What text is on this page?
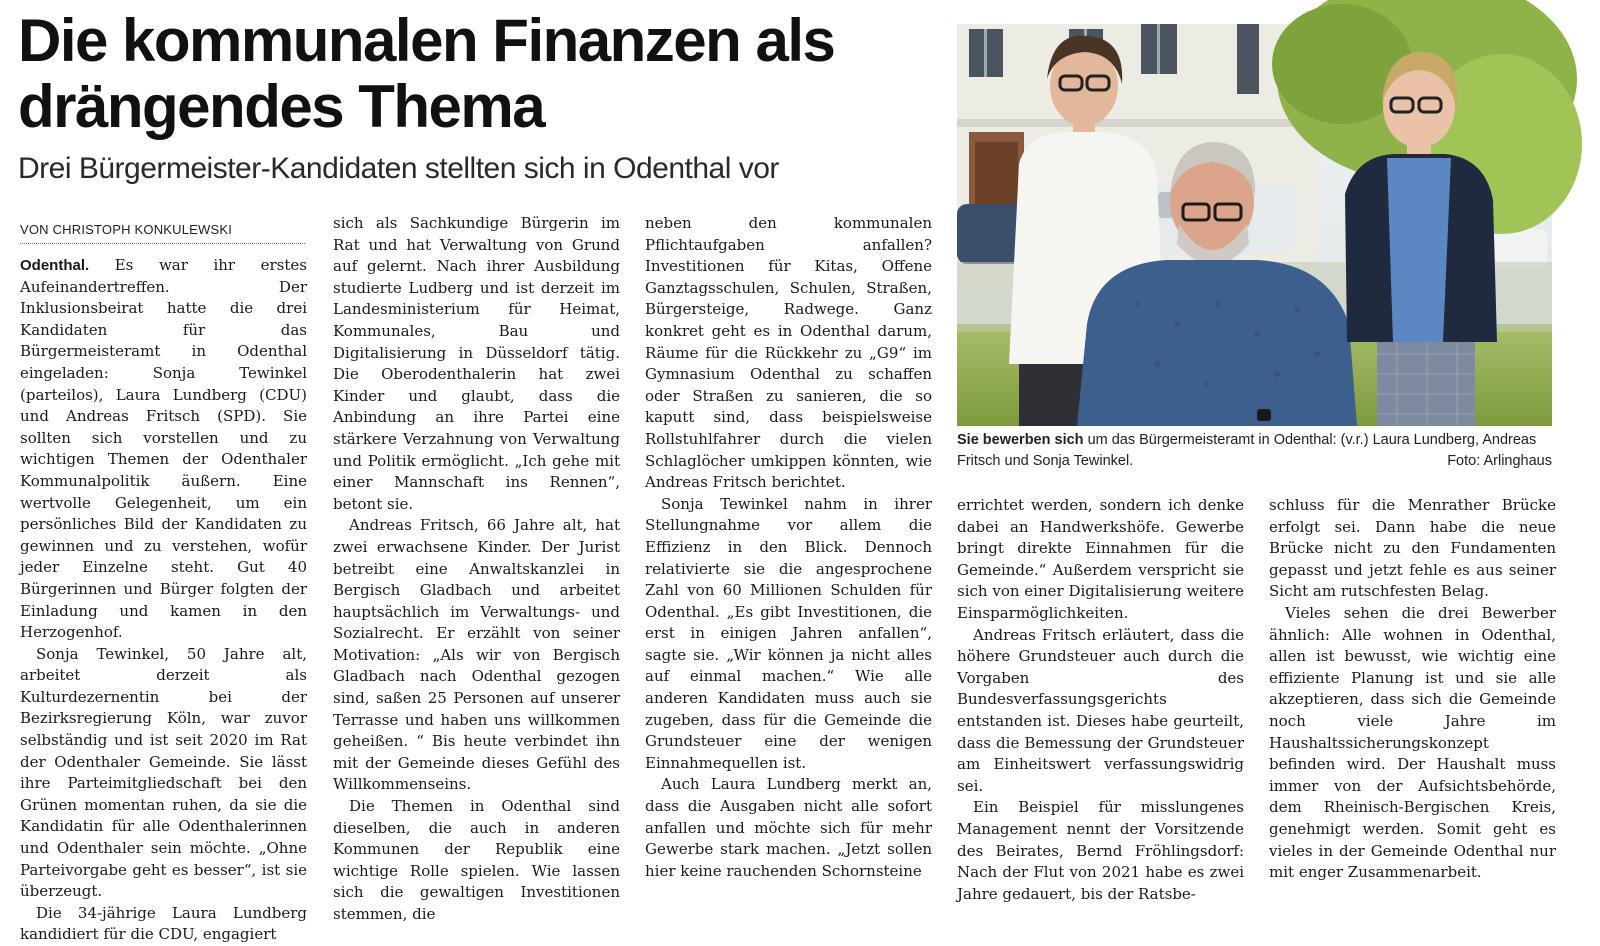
Die kommunalen Finanzen als drängendes Thema
Drei Bürgermeister-Kandidaten stellten sich in Odenthal vor
VON CHRISTOPH KONKULEWSKI

Odenthal. Es war ihr erstes Aufeinandertreffen. Der Inklusionsbeirat hatte die drei Kandidaten für das Bürgermeisteramt in Odenthal eingeladen: Sonja Tewinkel (parteilos), Laura Lundberg (CDU) und Andreas Fritsch (SPD). Sie sollten sich vorstellen und zu wichtigen Themen der Odenthaler Kommunalpolitik äußern. Eine wertvolle Gelegenheit, um ein persönliches Bild der Kandidaten zu gewinnen und zu verstehen, wofür jeder Einzelne steht. Gut 40 Bürgerinnen und Bürger folgten der Einladung und kamen in den Herzogenhof.

Sonja Tewinkel, 50 Jahre alt, arbeitet derzeit als Kulturdezernentin bei der Bezirksregierung Köln, war zuvor selbständig und ist seit 2020 im Rat der Odenthaler Gemeinde. Sie lässt ihre Parteimitgliedschaft bei den Grünen momentan ruhen, da sie die Kandidatin für alle Odenthalerinnen und Odenthaler sein möchte. „Ohne Parteivorgabe geht es besser“, ist sie überzeugt.

Die 34-jährige Laura Lundberg kandidiert für die CDU, engagiert

sich als Sachkundige Bürgerin im Rat und hat Verwaltung von Grund auf gelernt. Nach ihrer Ausbildung studierte Ludberg und ist derzeit im Landesministerium für Heimat, Kommunales, Bau und Digitalisierung in Düsseldorf tätig. Die Oberodenthalerin hat zwei Kinder und glaubt, dass die Anbindung an ihre Partei eine stärkere Verzahnung von Verwaltung und Politik ermöglicht. „Ich gehe mit einer Mannschaft ins Rennen“, betont sie.

Andreas Fritsch, 66 Jahre alt, hat zwei erwachsene Kinder. Der Jurist betreibt eine Anwaltskanzlei in Bergisch Gladbach und arbeitet hauptsächlich im Verwaltungs- und Sozialrecht. Er erzählt von seiner Motivation: „Als wir von Bergisch Gladbach nach Odenthal gezogen sind, saßen 25 Personen auf unserer Terrasse und haben uns willkommen geheißen. “ Bis heute verbindet ihn mit der Gemeinde dieses Gefühl des Willkommenseins.

Die Themen in Odenthal sind dieselben, die auch in anderen Kommunen der Republik eine wichtige Rolle spielen. Wie lassen sich die gewaltigen Investitionen stemmen, die

neben den kommunalen Pflichtaufgaben anfallen? Investitionen für Kitas, Offene Ganztagsschulen, Schulen, Straßen, Bürgersteige, Radwege. Ganz konkret geht es in Odenthal darum, Räume für die Rückkehr zu „G9“ im Gymnasium Odenthal zu schaffen oder Straßen zu sanieren, die so kaputt sind, dass beispielsweise Rollstuhlfahrer durch die vielen Schlaglöcher umkippen könnten, wie Andreas Fritsch berichtet.

Sonja Tewinkel nahm in ihrer Stellungnahme vor allem die Effizienz in den Blick. Dennoch relativierte sie die angesprochene Zahl von 60 Millionen Schulden für Odenthal. „Es gibt Investitionen, die erst in einigen Jahren anfallen“, sagte sie. „Wir können ja nicht alles auf einmal machen.“ Wie alle anderen Kandidaten muss auch sie zugeben, dass für die Gemeinde die Grundsteuer eine der wenigen Einnahmequellen ist.

Auch Laura Lundberg merkt an, dass die Ausgaben nicht alle sofort anfallen und möchte sich für mehr Gewerbe stark machen. „Jetzt sollen hier keine rauchenden Schornsteine

Sie bewerben sich um das Bürgermeisteramt in Odenthal: (v.r.) Laura Lundberg, Andreas Fritsch und Sonja Tewinkel.	Foto: Arlinghaus

errichtet werden, sondern ich denke dabei an Handwerkshöfe. Gewerbe bringt direkte Einnahmen für die Gemeinde.“ Außerdem verspricht sie sich von einer Digitalisierung weitere Einsparmöglichkeiten.

Andreas Fritsch erläutert, dass die höhere Grundsteuer auch durch die Vorgaben des Bundesverfassungsgerichts entstanden ist. Dieses habe geurteilt, dass die Bemessung der Grundsteuer am Einheitswert verfassungswidrig sei.

Ein Beispiel für misslungenes Management nennt der Vorsitzende des Beirates, Bernd Fröhlingsdorf: Nach der Flut von 2021 habe es zwei Jahre gedauert, bis der Ratsbe-

schluss für die Menrather Brücke erfolgt sei. Dann habe die neue Brücke nicht zu den Fundamenten gepasst und jetzt fehle es aus seiner Sicht am rutschfesten Belag.

Vieles sehen die drei Bewerber ähnlich: Alle wohnen in Odenthal, allen ist bewusst, wie wichtig eine effiziente Planung ist und sie alle akzeptieren, dass sich die Gemeinde noch viele Jahre im Haushaltssicherungskonzept befinden wird. Der Haushalt muss immer von der Aufsichtsbehörde, dem Rheinisch-Bergischen Kreis, genehmigt werden. Somit geht es vieles in der Gemeinde Odenthal nur mit enger Zusammenarbeit.
